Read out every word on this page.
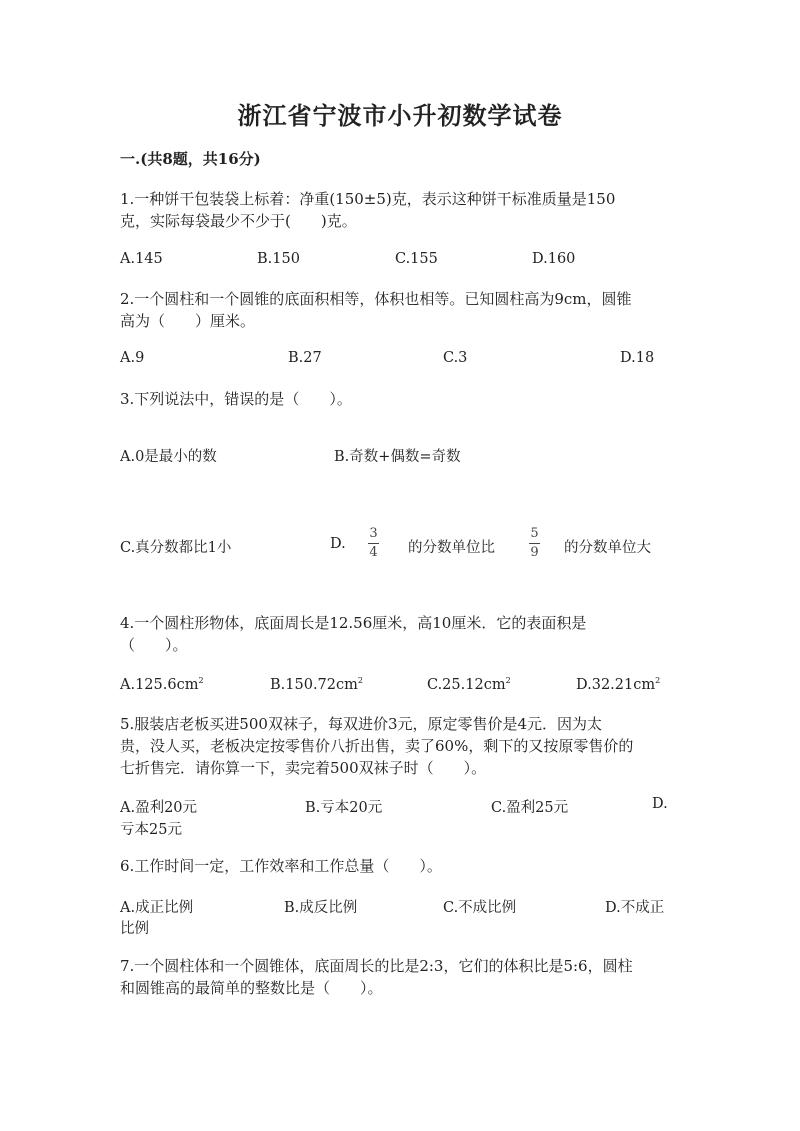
浙江省宁波市小升初数学试卷
一.(共8题，共16分)
1.一种饼干包装袋上标着：净重(150±5)克，表示这种饼干标准质量是150
克，实际每袋最少不少于(　　)克。
A.145	B.150	C.155	D.160
2.一个圆柱和一个圆锥的底面积相等，体积也相等。已知圆柱高为9cm，圆锥
高为（　　）厘米。
A.9	B.27	C.3	D.18
3.下列说法中，错误的是（　　）。
A.0是最小的数	B.奇数+偶数=奇数
C.真分数都比1小	D.
3
4 的分数单位比
5
9 的分数单位大
4.一个圆柱形物体，底面周长是12.56厘米，高10厘米．它的表面积是
（　　）。
$A.125.6cm^2$	$B.150.72cm^2$	$C.25.12cm^2$	$D.32.21cm^2$
5.服装店老板买进500双袜子，每双进价3元，原定零售价是4元．因为太
贵，没人买，老板决定按零售价八折出售，卖了60%，剩下的又按原零售价的
七折售完．请你算一下，卖完着500双袜子时（　　）。
A.盈利20元	B.亏本20元	C.盈利25元	D.
亏本25元
6.工作时间一定，工作效率和工作总量（　　）。
A.成正比例	B.成反比例	C.不成比例	D.不成正
比例
7.一个圆柱体和一个圆锥体，底面周长的比是2:3，它们的体积比是5:6，圆柱
和圆锥高的最简单的整数比是（　　）。
